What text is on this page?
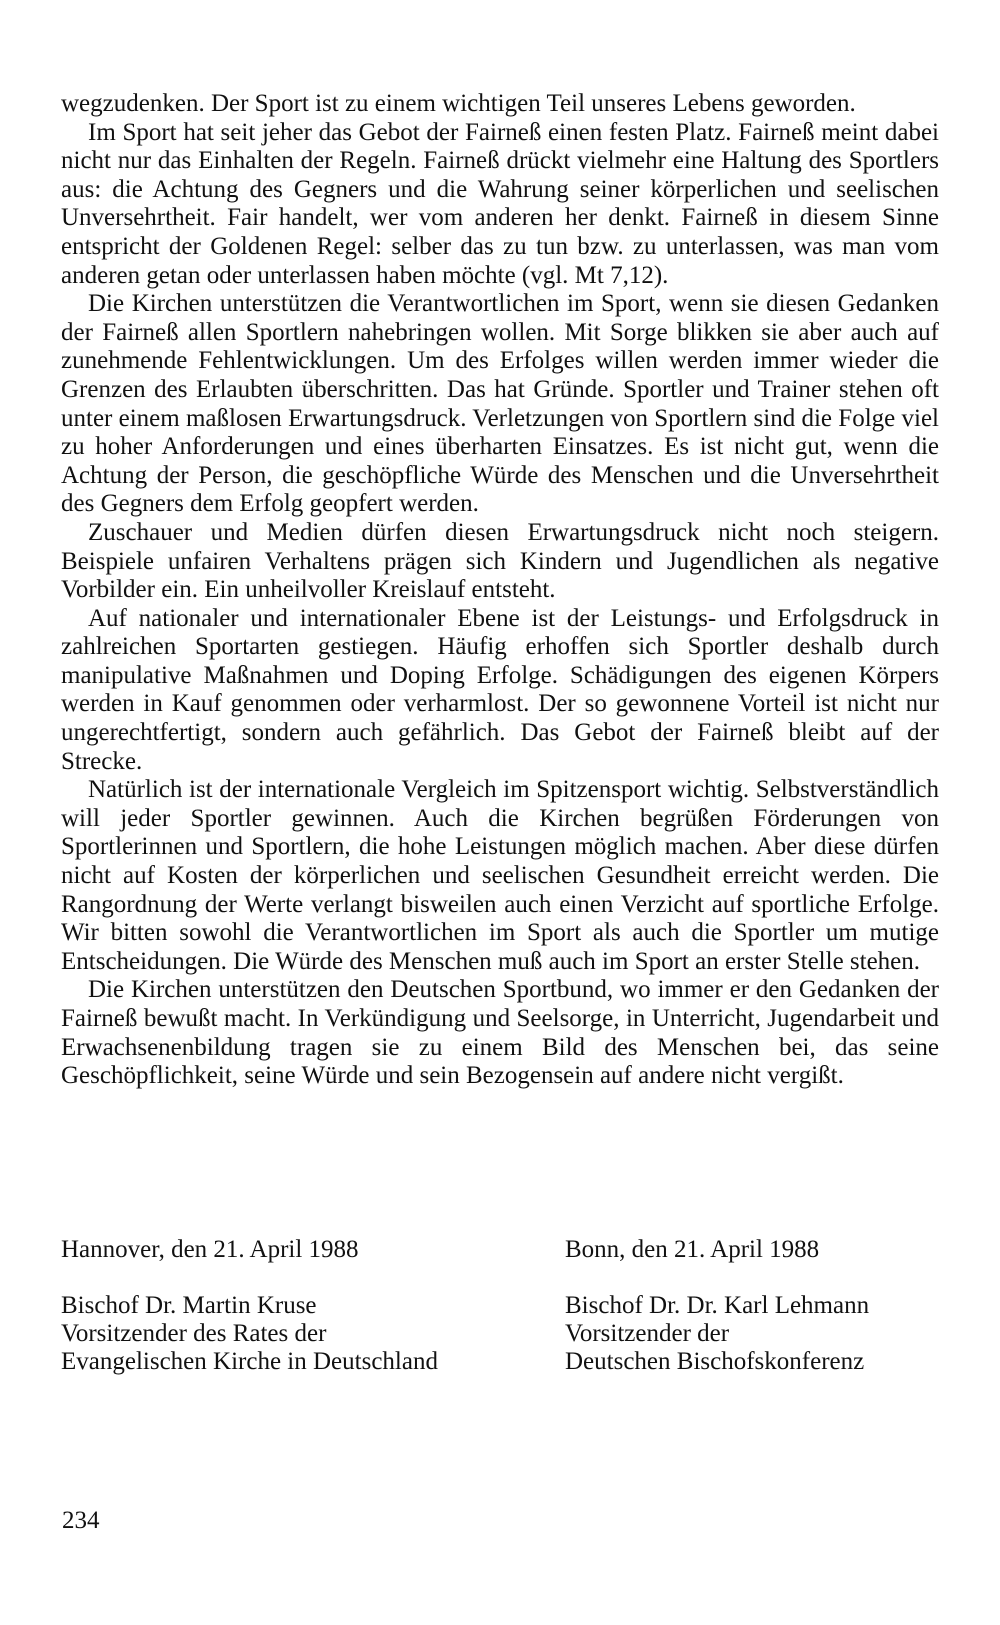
wegzudenken. Der Sport ist zu einem wichtigen Teil unseres Lebens geworden.

Im Sport hat seit jeher das Gebot der Fairneß einen festen Platz. Fairneß meint dabei nicht nur das Einhalten der Regeln. Fairneß drückt vielmehr eine Haltung des Sportlers aus: die Achtung des Gegners und die Wahrung seiner körperlichen und seelischen Unversehrtheit. Fair handelt, wer vom anderen her denkt. Fairneß in diesem Sinne entspricht der Goldenen Regel: selber das zu tun bzw. zu unterlassen, was man vom anderen getan oder unterlassen haben möchte (vgl. Mt 7,12).

Die Kirchen unterstützen die Verantwortlichen im Sport, wenn sie diesen Gedanken der Fairneß allen Sportlern nahebringen wollen. Mit Sorge blikken sie aber auch auf zunehmende Fehlentwicklungen. Um des Erfolges willen werden immer wieder die Grenzen des Erlaubten überschritten. Das hat Gründe. Sportler und Trainer stehen oft unter einem maßlosen Erwartungsdruck. Verletzungen von Sportlern sind die Folge viel zu hoher Anforderungen und eines überharten Einsatzes. Es ist nicht gut, wenn die Achtung der Person, die geschöpfliche Würde des Menschen und die Unversehrtheit des Gegners dem Erfolg geopfert werden.

Zuschauer und Medien dürfen diesen Erwartungsdruck nicht noch steigern. Beispiele unfairen Verhaltens prägen sich Kindern und Jugendlichen als negative Vorbilder ein. Ein unheilvoller Kreislauf entsteht.

Auf nationaler und internationaler Ebene ist der Leistungs- und Erfolgsdruck in zahlreichen Sportarten gestiegen. Häufig erhoffen sich Sportler deshalb durch manipulative Maßnahmen und Doping Erfolge. Schädigungen des eigenen Körpers werden in Kauf genommen oder verharmlost. Der so gewonnene Vorteil ist nicht nur ungerechtfertigt, sondern auch gefährlich. Das Gebot der Fairneß bleibt auf der Strecke.

Natürlich ist der internationale Vergleich im Spitzensport wichtig. Selbstverständlich will jeder Sportler gewinnen. Auch die Kirchen begrüßen Förderungen von Sportlerinnen und Sportlern, die hohe Leistungen möglich machen. Aber diese dürfen nicht auf Kosten der körperlichen und seelischen Gesundheit erreicht werden. Die Rangordnung der Werte verlangt bisweilen auch einen Verzicht auf sportliche Erfolge. Wir bitten sowohl die Verantwortlichen im Sport als auch die Sportler um mutige Entscheidungen. Die Würde des Menschen muß auch im Sport an erster Stelle stehen.

Die Kirchen unterstützen den Deutschen Sportbund, wo immer er den Gedanken der Fairneß bewußt macht. In Verkündigung und Seelsorge, in Unterricht, Jugendarbeit und Erwachsenenbildung tragen sie zu einem Bild des Menschen bei, das seine Geschöpflichkeit, seine Würde und sein Bezogensein auf andere nicht vergißt.

Hannover, den 21. April 1988

Bischof Dr. Martin Kruse

Vorsitzender des Rates der

Evangelischen Kirche in Deutschland

Bonn, den 21. April 1988

Bischof Dr. Dr. Karl Lehmann

Vorsitzender der

Deutschen Bischofskonferenz

234
